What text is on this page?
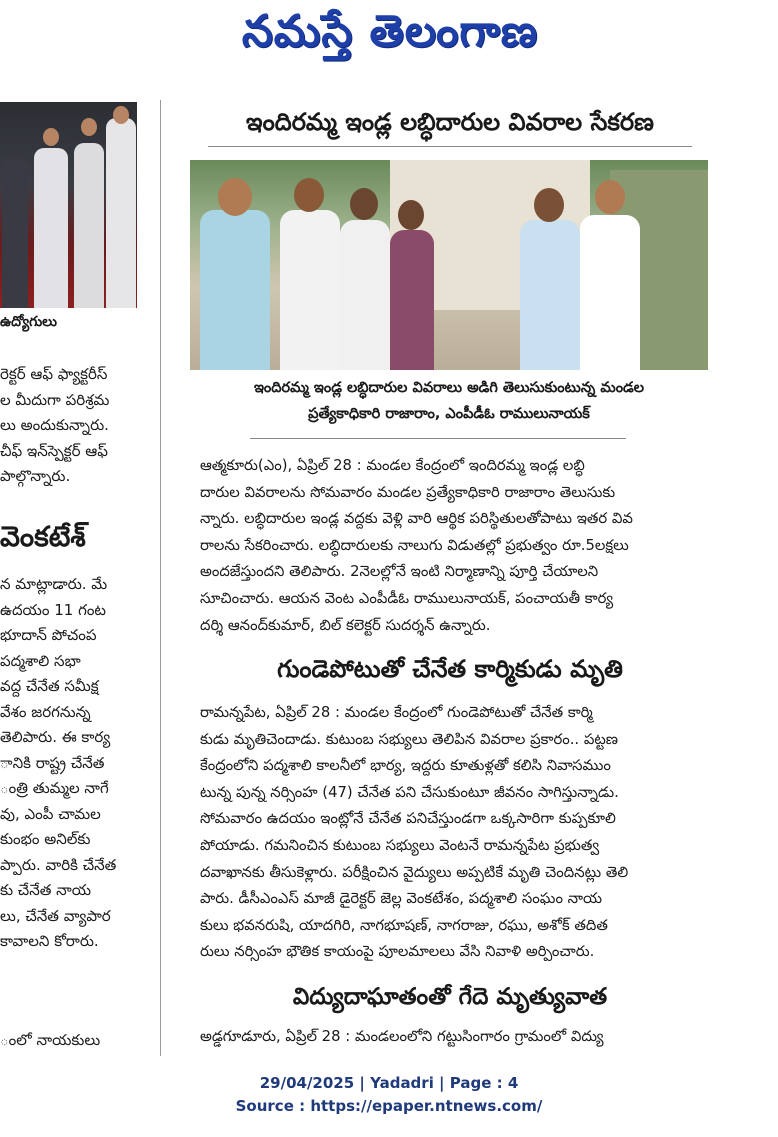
నమస్తే తెలంగాణ
ఉద్యోగులు
రెక్టర్‌ ఆఫ్‌ ఫ్యాక్టరీస్‌
ల మీదుగా పరిశ్రమ
లు అందుకున్నారు.
చీఫ్‌ ఇన్‌స్పెక్టర్‌ ఆఫ్‌
పాల్గొన్నారు.
వెంకటేశ్‌
న మాట్లాడారు. మే
ఉదయం 11 గంట
భూదాన్‌ పోచంప
పద్మశాలి సభా
వద్ద చేనేత సమీక్ష
వేశం జరగనున్న
తెలిపారు. ఈ కార్య
ానికి రాష్ట్ర చేనేత
ంత్రి తుమ్మల నాగే
వు, ఎంపీ చామల
కుంభం అనిల్‌కు
ప్పారు. వారికి చేనేత
కు చేనేత నాయ
లు, చేనేత వ్యాపార
కావాలని కోరారు.
ంలో నాయకులు
ఇందిరమ్మ ఇండ్ల లబ్ధిదారుల వివరాల సేకరణ
ఇందిరమ్మ ఇండ్ల లబ్ధిదారుల వివరాలు అడిగి తెలుసుకుంటున్న మండల
ప్రత్యేకాధికారి రాజారాం, ఎంపీడీఓ రాములునాయక్‌
ఆత్మకూరు(ఎం), ఏప్రిల్‌ 28 : మండల కేంద్రంలో ఇందిరమ్మ ఇండ్ల లబ్ధి
దారుల వివరాలను సోమవారం మండల ప్రత్యేకాధికారి రాజారాం తెలుసుకు
న్నారు. లబ్ధిదారుల ఇండ్ల వద్దకు వెళ్లి వారి ఆర్థిక పరిస్థితులతోపాటు ఇతర వివ
రాలను సేకరించారు. లబ్ధిదారులకు నాలుగు విడుతల్లో ప్రభుత్వం రూ.5లక్షలు
అందజేస్తుందని తెలిపారు. 2నెలల్లోనే ఇంటి నిర్మాణాన్ని పూర్తి చేయాలని
సూచించారు. ఆయన వెంట ఎంపీడీఓ రాములునాయక్‌, పంచాయతీ కార్య
దర్శి ఆనంద్‌కుమార్‌, బిల్‌ కలెక్టర్‌ సుదర్శన్‌ ఉన్నారు.
గుండెపోటుతో చేనేత కార్మికుడు మృతి
రామన్నపేట, ఏప్రిల్‌ 28 : మండల కేంద్రంలో గుండెపోటుతో చేనేత కార్మి
కుడు మృతిచెందాడు. కుటుంబ సభ్యులు తెలిపిన వివరాల ప్రకారం.. పట్టణ
కేంద్రంలోని పద్మశాలి కాలనీలో భార్య, ఇద్దరు కూతుళ్లతో కలిసి నివాసముం
టున్న పున్న నర్సింహ (47) చేనేత పని చేసుకుంటూ జీవనం సాగిస్తున్నాడు.
సోమవారం ఉదయం ఇంట్లోనే చేనేత పనిచేస్తుండగా ఒక్కసారిగా కుప్పకూలి
పోయాడు. గమనించిన కుటుంబ సభ్యులు వెంటనే రామన్నపేట ప్రభుత్వ
దవాఖానకు తీసుకెళ్లారు. పరీక్షించిన వైద్యులు అప్పటికే మృతి చెందినట్లు తెలి
పారు. డీసీఎంఎస్‌ మాజీ డైరెక్టర్‌ జెల్ల వెంకటేశం, పద్మశాలి సంఘం నాయ
కులు భవనరుషి, యాదగిరి, నాగభూషణ్‌, నాగరాజు, రఘు, అశోక్‌ తదిత
రులు నర్సింహ భౌతిక కాయంపై పూలమాలలు వేసి నివాళి అర్పించారు.
విద్యుదాఘాతంతో గేదె మృత్యువాత
అడ్డగూడూరు, ఏప్రిల్‌ 28 : మండలంలోని గట్టుసింగారం గ్రామంలో విద్యు
29/04/2025 | Yadadri | Page : 4
Source : https://epaper.ntnews.com/
